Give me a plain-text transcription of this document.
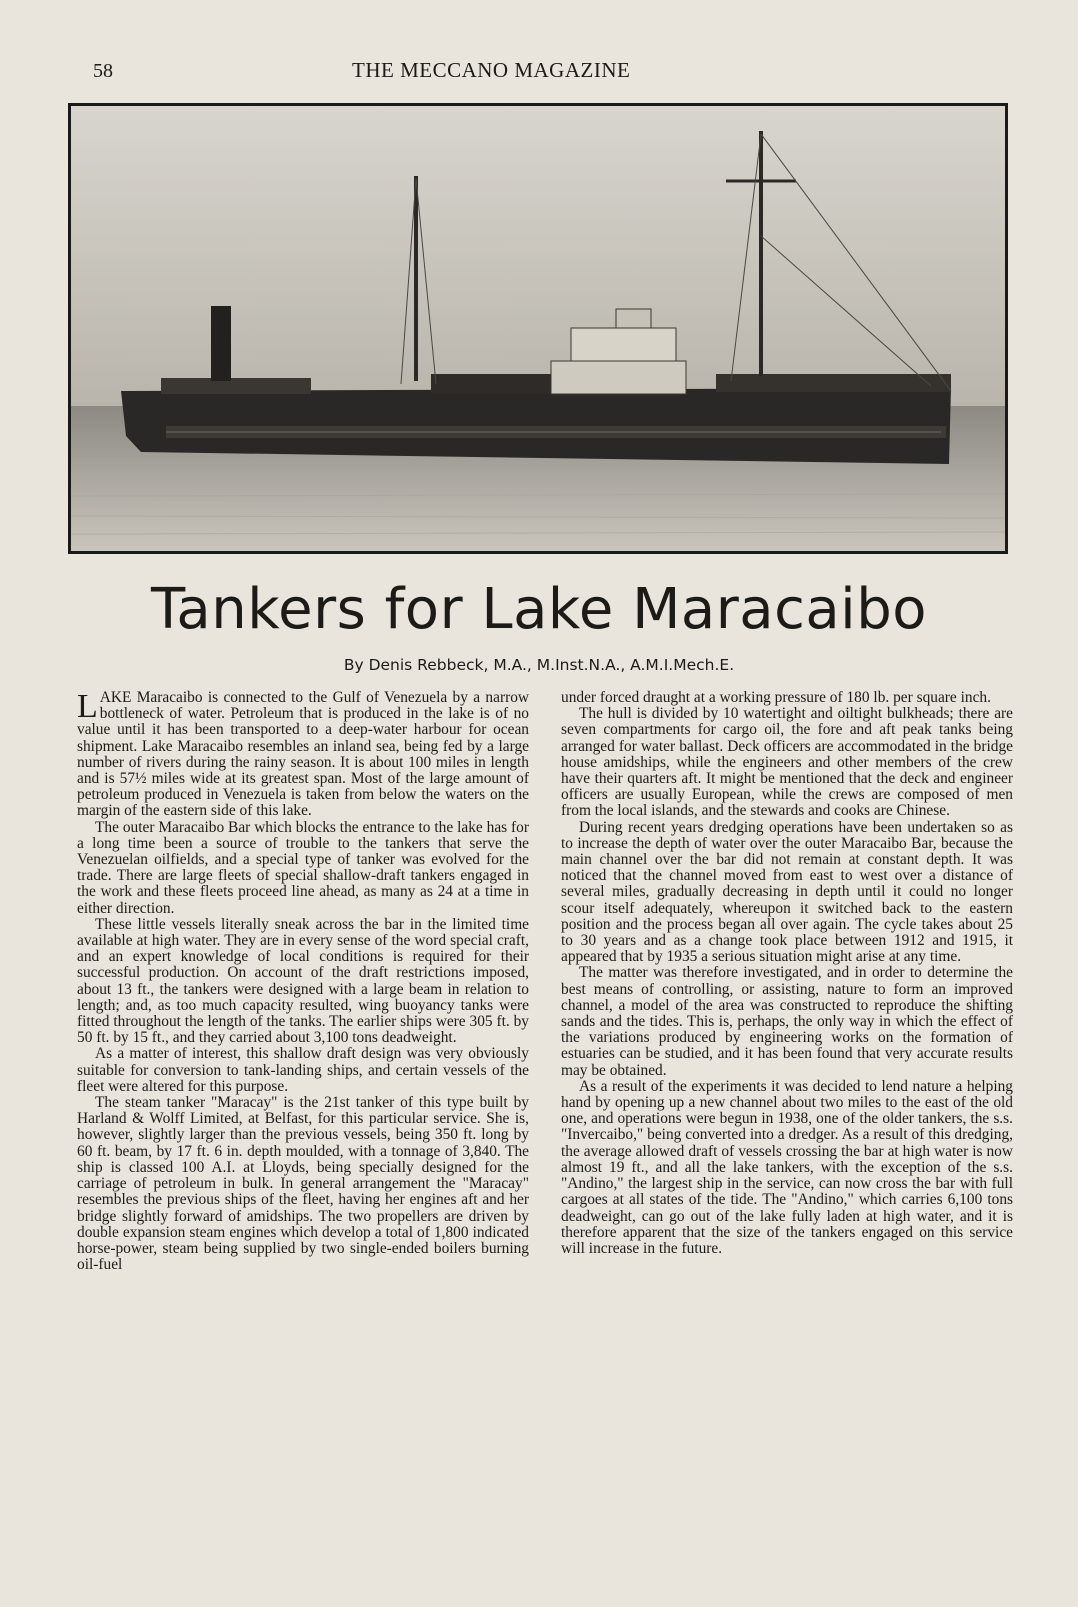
58	THE MECCANO MAGAZINE
Tankers for Lake Maracaibo
By Denis Rebbeck, M.A., M.Inst.N.A., A.M.I.Mech.E.

LAKE Maracaibo is connected to the Gulf of Venezuela by a narrow bottleneck of water. Petroleum that is produced in the lake is of no value until it has been transported to a deep-water harbour for ocean shipment. Lake Maracaibo resembles an inland sea, being fed by a large number of rivers during the rainy season. It is about 100 miles in length and is 57½ miles wide at its greatest span. Most of the large amount of petroleum produced in Venezuela is taken from below the waters on the margin of the eastern side of this lake.

The outer Maracaibo Bar which blocks the entrance to the lake has for a long time been a source of trouble to the tankers that serve the Venezuelan oilfields, and a special type of tanker was evolved for the trade. There are large fleets of special shallow-draft tankers engaged in the work and these fleets proceed line ahead, as many as 24 at a time in either direction.

These little vessels literally sneak across the bar in the limited time available at high water. They are in every sense of the word special craft, and an expert knowledge of local conditions is required for their successful production. On account of the draft restrictions imposed, about 13 ft., the tankers were designed with a large beam in relation to length; and, as too much capacity resulted, wing buoyancy tanks were fitted throughout the length of the tanks. The earlier ships were 305 ft. by 50 ft. by 15 ft., and they carried about 3,100 tons deadweight.

As a matter of interest, this shallow draft design was very obviously suitable for conversion to tank-landing ships, and certain vessels of the fleet were altered for this purpose.

The steam tanker "Maracay" is the 21st tanker of this type built by Harland & Wolff Limited, at Belfast, for this particular service. She is, however, slightly larger than the previous vessels, being 350 ft. long by 60 ft. beam, by 17 ft. 6 in. depth moulded, with a tonnage of 3,840. The ship is classed 100 A.I. at Lloyds, being specially designed for the carriage of petroleum in bulk. In general arrangement the "Maracay" resembles the previous ships of the fleet, having her engines aft and her bridge slightly forward of amidships. The two propellers are driven by double expansion steam engines which develop a total of 1,800 indicated horse-power, steam being supplied by two single-ended boilers burning oil-fuel

under forced draught at a working pressure of 180 lb. per square inch.

The hull is divided by 10 watertight and oiltight bulkheads; there are seven compartments for cargo oil, the fore and aft peak tanks being arranged for water ballast. Deck officers are accommodated in the bridge house amidships, while the engineers and other members of the crew have their quarters aft. It might be mentioned that the deck and engineer officers are usually European, while the crews are composed of men from the local islands, and the stewards and cooks are Chinese.

During recent years dredging operations have been undertaken so as to increase the depth of water over the outer Maracaibo Bar, because the main channel over the bar did not remain at constant depth. It was noticed that the channel moved from east to west over a distance of several miles, gradually decreasing in depth until it could no longer scour itself adequately, whereupon it switched back to the eastern position and the process began all over again. The cycle takes about 25 to 30 years and as a change took place between 1912 and 1915, it appeared that by 1935 a serious situation might arise at any time.

The matter was therefore investigated, and in order to determine the best means of controlling, or assisting, nature to form an improved channel, a model of the area was constructed to reproduce the shifting sands and the tides. This is, perhaps, the only way in which the effect of the variations produced by engineering works on the formation of estuaries can be studied, and it has been found that very accurate results may be obtained.

As a result of the experiments it was decided to lend nature a helping hand by opening up a new channel about two miles to the east of the old one, and operations were begun in 1938, one of the older tankers, the s.s. "Invercaibo," being converted into a dredger. As a result of this dredging, the average allowed draft of vessels crossing the bar at high water is now almost 19 ft., and all the lake tankers, with the exception of the s.s. "Andino," the largest ship in the service, can now cross the bar with full cargoes at all states of the tide. The "Andino," which carries 6,100 tons deadweight, can go out of the lake fully laden at high water, and it is therefore apparent that the size of the tankers engaged on this service will increase in the future.
